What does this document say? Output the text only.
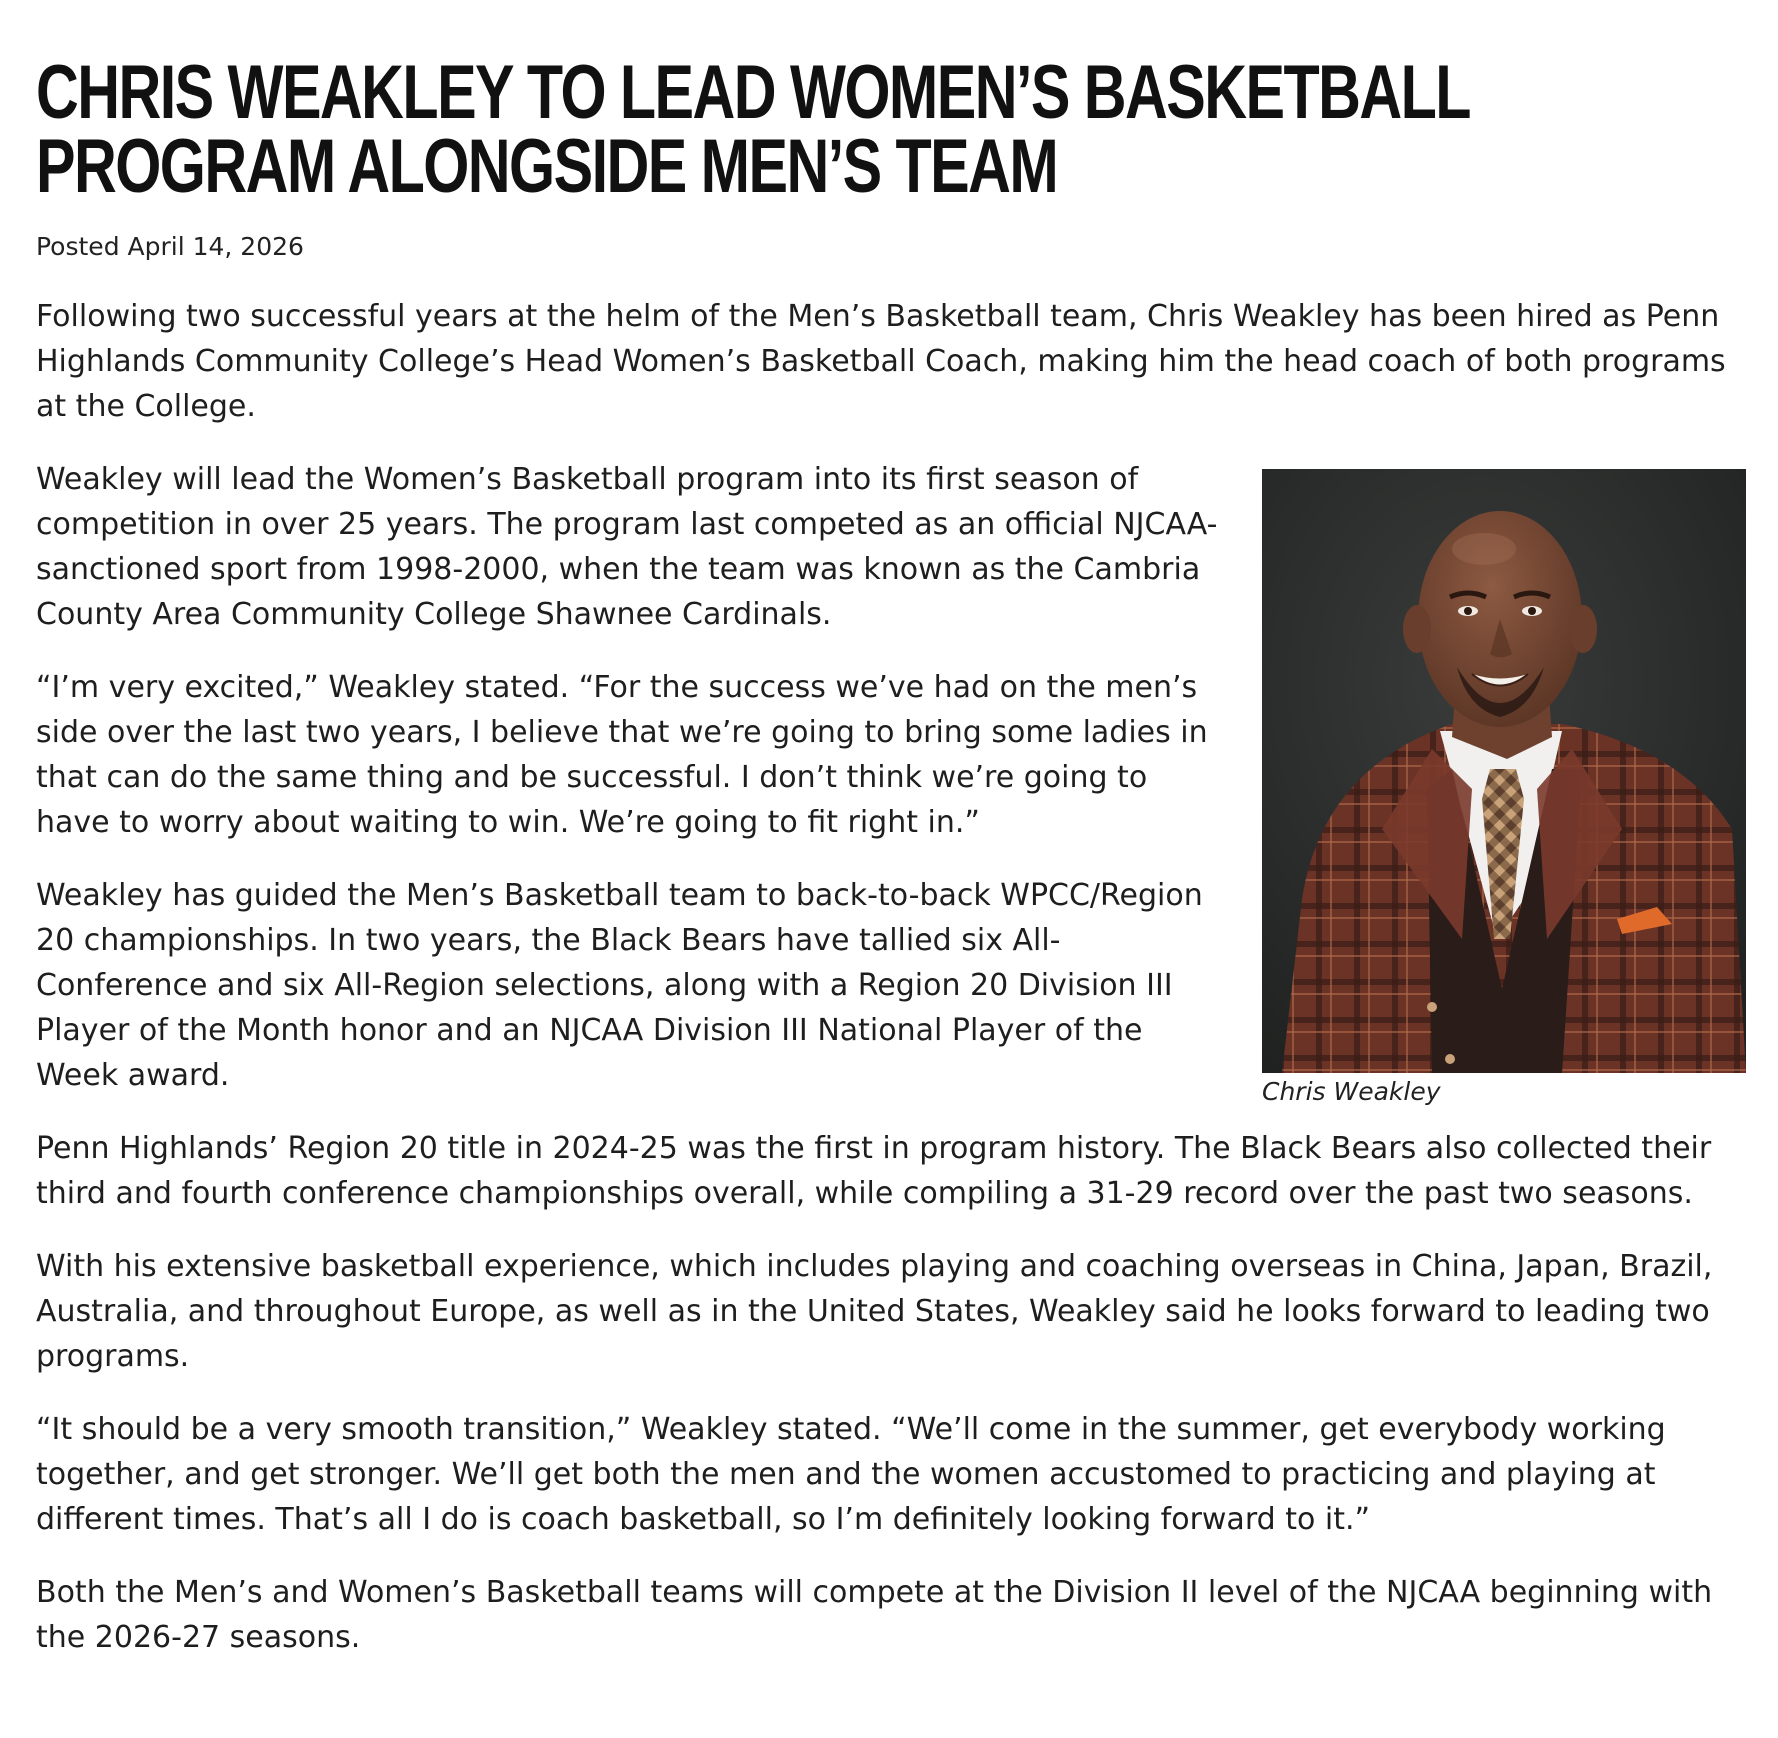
CHRIS WEAKLEY TO LEAD WOMEN’S BASKETBALL PROGRAM ALONGSIDE MEN’S TEAM
Posted April 14, 2026

Following two successful years at the helm of the Men’s Basketball team, Chris Weakley has been hired as Penn Highlands Community College’s Head Women’s Basketball Coach, making him the head coach of both programs at the College.

Chris Weakley

Weakley will lead the Women’s Basketball program into its first season of competition in over 25 years. The program last competed as an official NJCAA-sanctioned sport from 1998-2000, when the team was known as the Cambria County Area Community College Shawnee Cardinals.

“I’m very excited,” Weakley stated. “For the success we’ve had on the men’s side over the last two years, I believe that we’re going to bring some ladies in that can do the same thing and be successful. I don’t think we’re going to have to worry about waiting to win. We’re going to fit right in.”

Weakley has guided the Men’s Basketball team to back-to-back WPCC/Region 20 championships. In two years, the Black Bears have tallied six All-Conference and six All-Region selections, along with a Region 20 Division III Player of the Month honor and an NJCAA Division III National Player of the Week award.

Penn Highlands’ Region 20 title in 2024-25 was the first in program history. The Black Bears also collected their third and fourth conference championships overall, while compiling a 31-29 record over the past two seasons.

With his extensive basketball experience, which includes playing and coaching overseas in China, Japan, Brazil, Australia, and throughout Europe, as well as in the United States, Weakley said he looks forward to leading two programs.

“It should be a very smooth transition,” Weakley stated. “We’ll come in the summer, get everybody working together, and get stronger. We’ll get both the men and the women accustomed to practicing and playing at different times. That’s all I do is coach basketball, so I’m definitely looking forward to it.”

Both the Men’s and Women’s Basketball teams will compete at the Division II level of the NJCAA beginning with the 2026-27 seasons.
